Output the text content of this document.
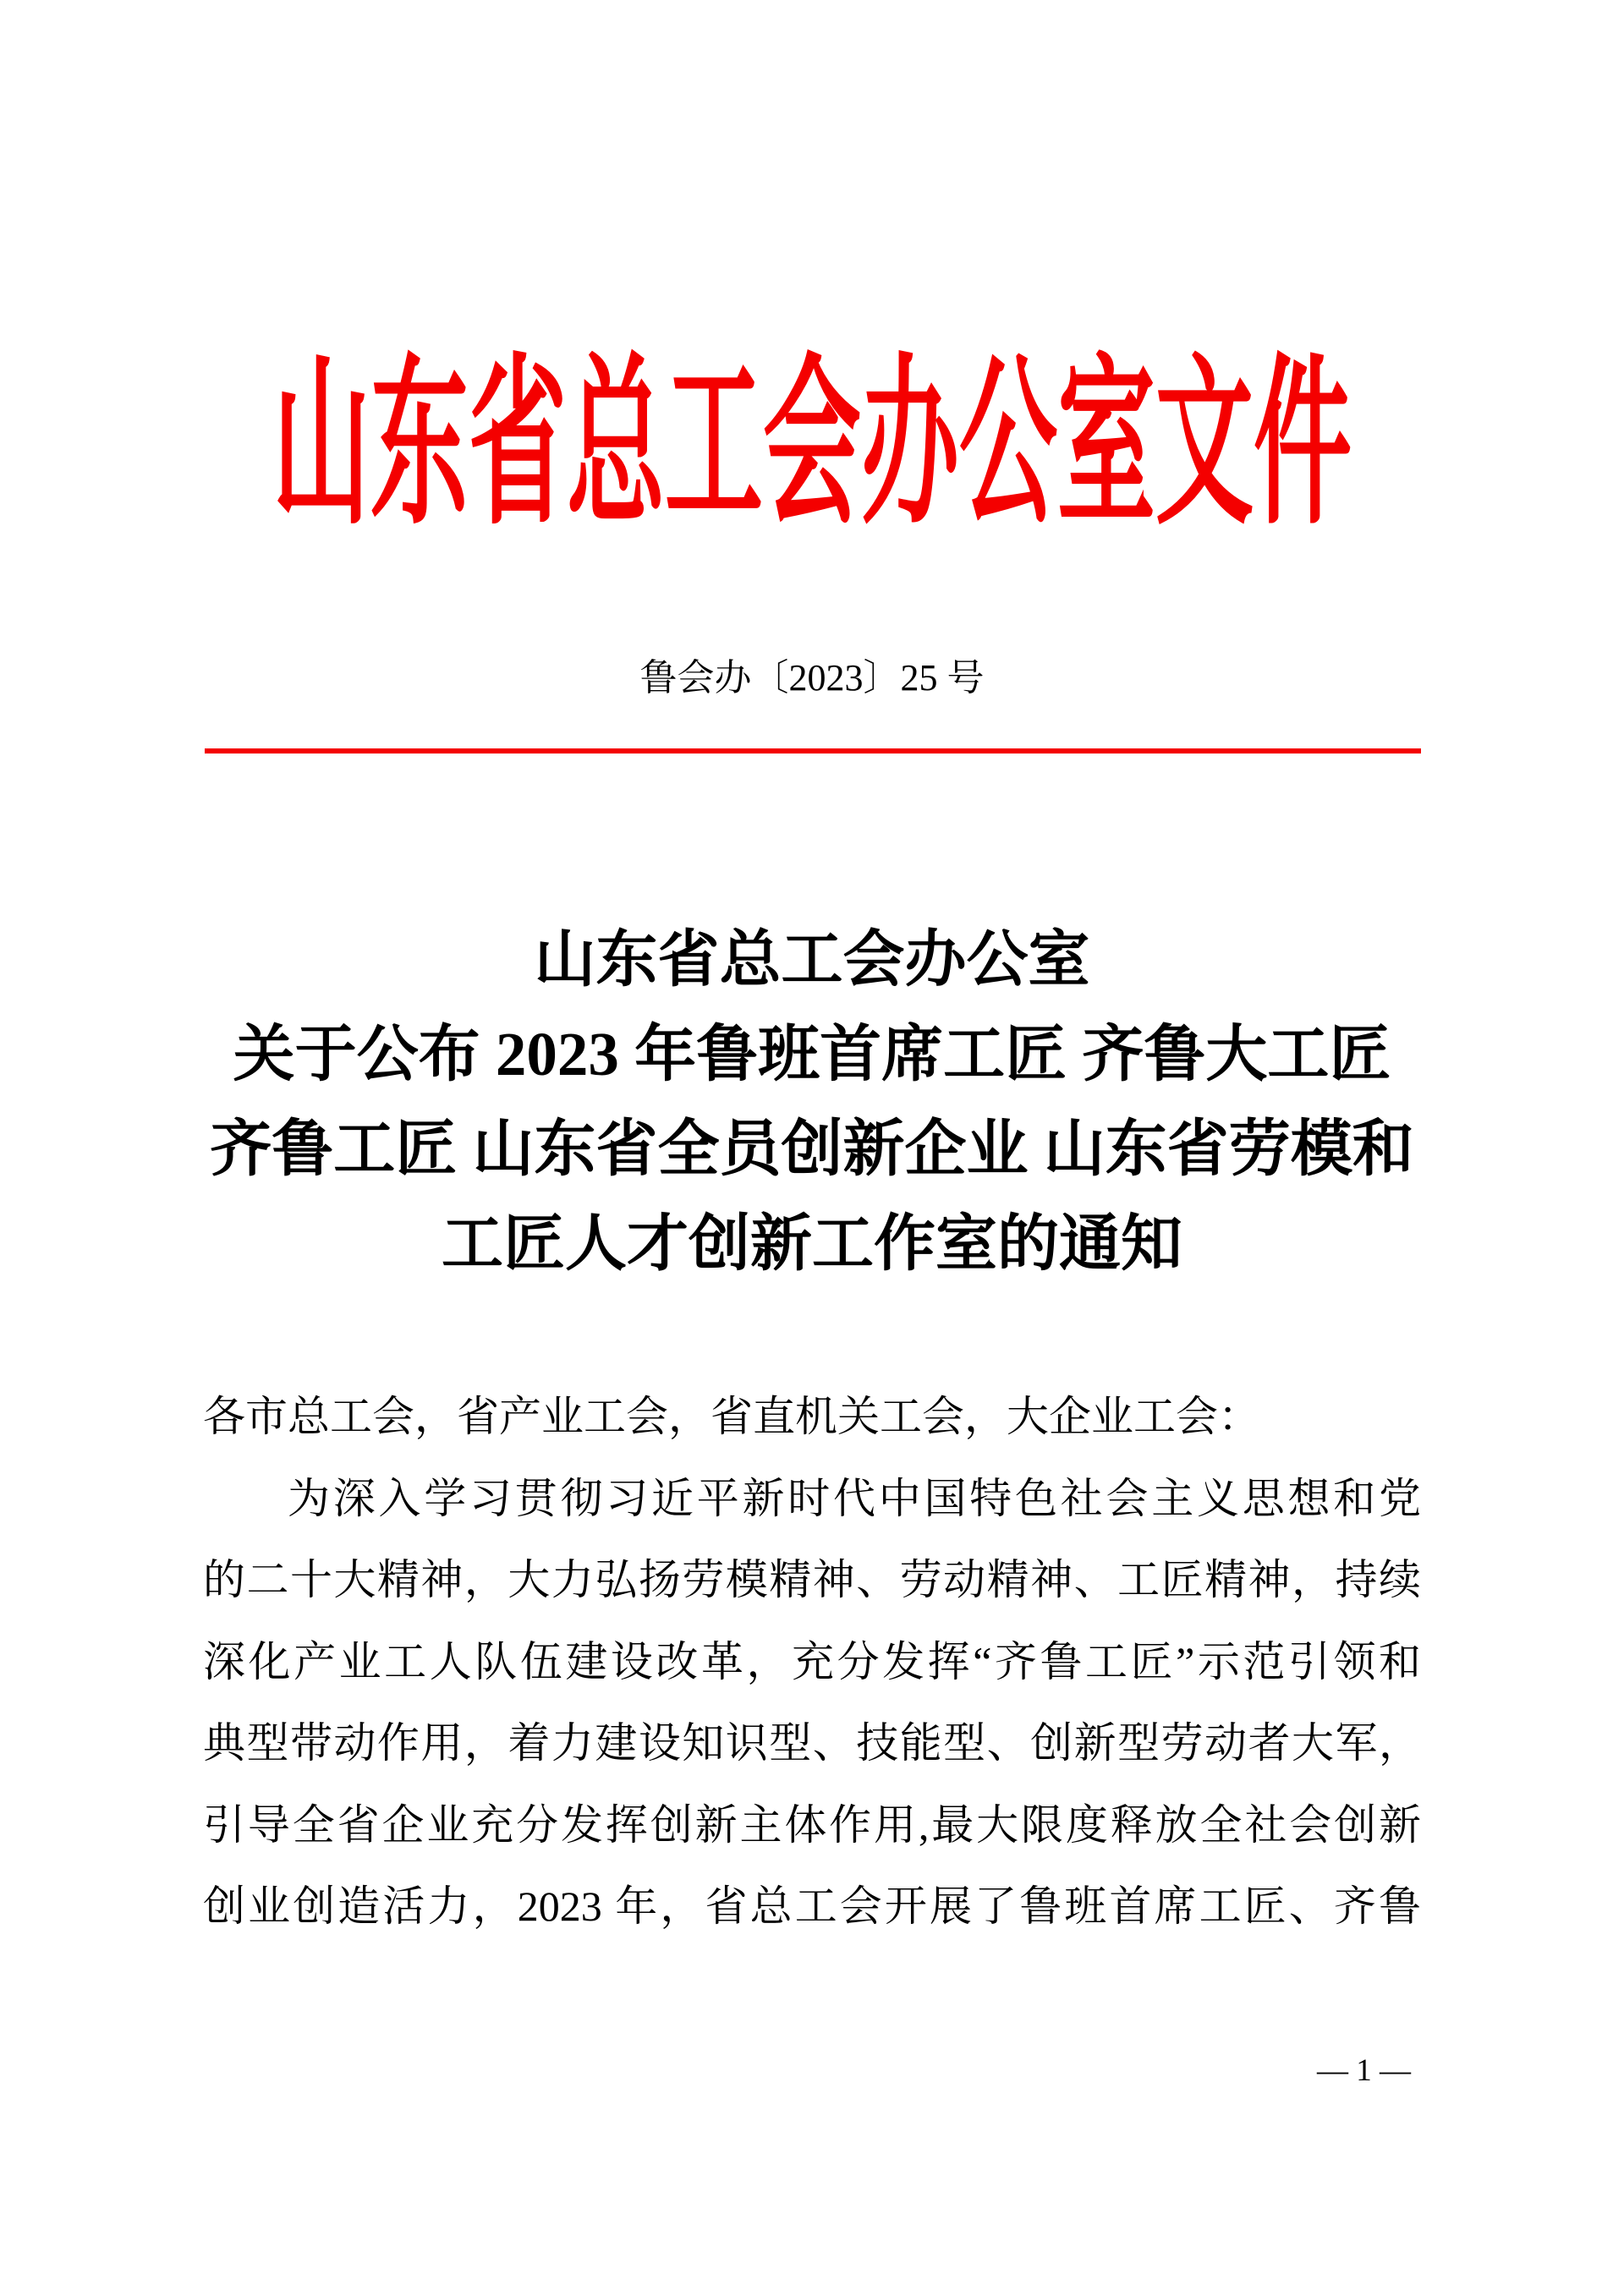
山东省总工会办公室文件
鲁会办〔2023〕25 号
山东省总工会办公室
关于公布 2023 年鲁班首席工匠 齐鲁大工匠
齐鲁工匠 山东省全员创新企业 山东省劳模和
工匠人才创新工作室的通知
各市总工会，省产业工会，省直机关工会，大企业工会：
为深入学习贯彻习近平新时代中国特色社会主义思想和党
的二十大精神，大力弘扬劳模精神、劳动精神、工匠精神，持续
深化产业工人队伍建设改革，充分发挥“齐鲁工匠”示范引领和
典型带动作用，着力建设知识型、技能型、创新型劳动者大军，
引导全省企业充分发挥创新主体作用,最大限度释放全社会创新
创业创造活力，2023 年，省总工会开展了鲁班首席工匠、齐鲁
— 1 —
